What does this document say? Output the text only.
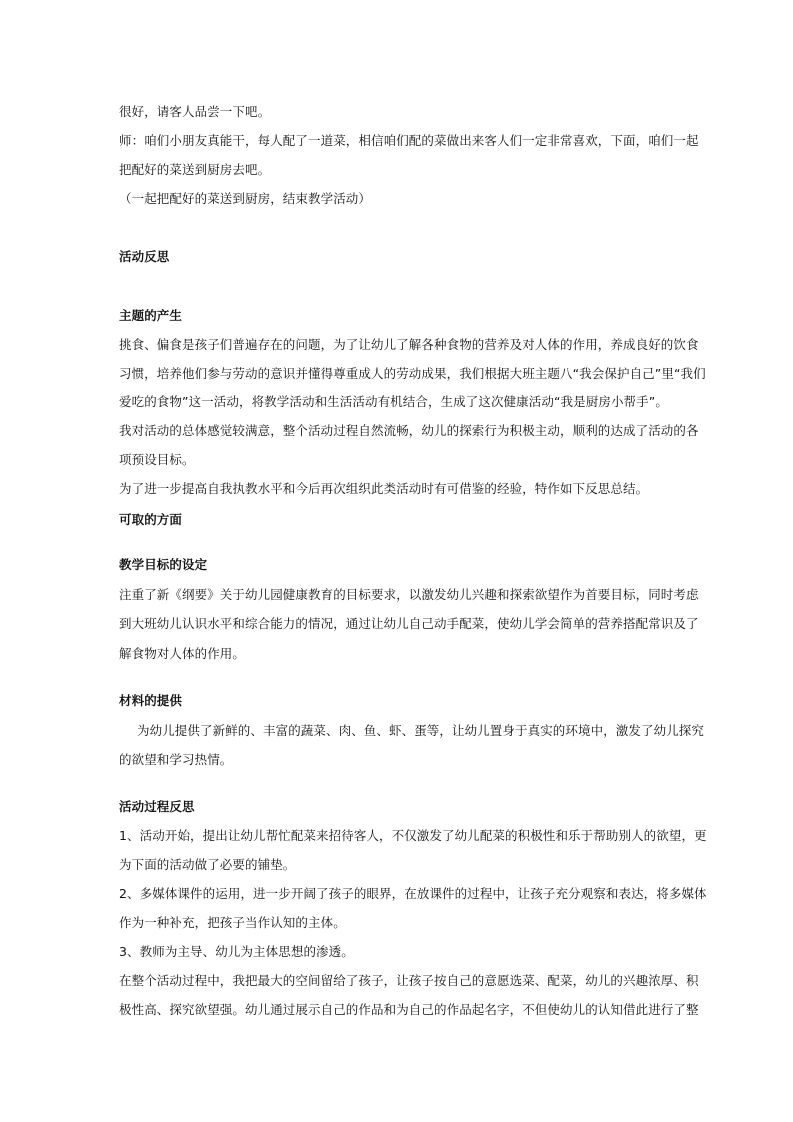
很好，请客人品尝一下吧。
师：咱们小朋友真能干，每人配了一道菜，相信咱们配的菜做出来客人们一定非常喜欢，下面，咱们一起
把配好的菜送到厨房去吧。
（一起把配好的菜送到厨房，结束教学活动）
活动反思
主题的产生
挑食、偏食是孩子们普遍存在的问题，为了让幼儿了解各种食物的营养及对人体的作用，养成良好的饮食
习惯，培养他们参与劳动的意识并懂得尊重成人的劳动成果，我们根据大班主题八“我会保护自己”里“我们
爱吃的食物”这一活动，将教学活动和生活活动有机结合，生成了这次健康活动“我是厨房小帮手”。
我对活动的总体感觉较满意，整个活动过程自然流畅，幼儿的探索行为积极主动，顺利的达成了活动的各
项预设目标。
为了进一步提高自我执教水平和今后再次组织此类活动时有可借鉴的经验，特作如下反思总结。
可取的方面
教学目标的设定
注重了新《纲要》关于幼儿园健康教育的目标要求，以激发幼儿兴趣和探索欲望作为首要目标，同时考虑
到大班幼儿认识水平和综合能力的情况，通过让幼儿自己动手配菜，使幼儿学会简单的营养搭配常识及了
解食物对人体的作用。
材料的提供
为幼儿提供了新鲜的、丰富的蔬菜、肉、鱼、虾、蛋等，让幼儿置身于真实的环境中，激发了幼儿探究
的欲望和学习热情。
活动过程反思
1、活动开始，提出让幼儿帮忙配菜来招待客人，不仅激发了幼儿配菜的积极性和乐于帮助别人的欲望，更
为下面的活动做了必要的铺垫。
2、多媒体课件的运用，进一步开阔了孩子的眼界，在放课件的过程中，让孩子充分观察和表达，将多媒体
作为一种补充，把孩子当作认知的主体。
3、教师为主导、幼儿为主体思想的渗透。
在整个活动过程中，我把最大的空间留给了孩子，让孩子按自己的意愿选菜、配菜，幼儿的兴趣浓厚、积
极性高、探究欲望强。幼儿通过展示自己的作品和为自己的作品起名字，不但使幼儿的认知借此进行了整
